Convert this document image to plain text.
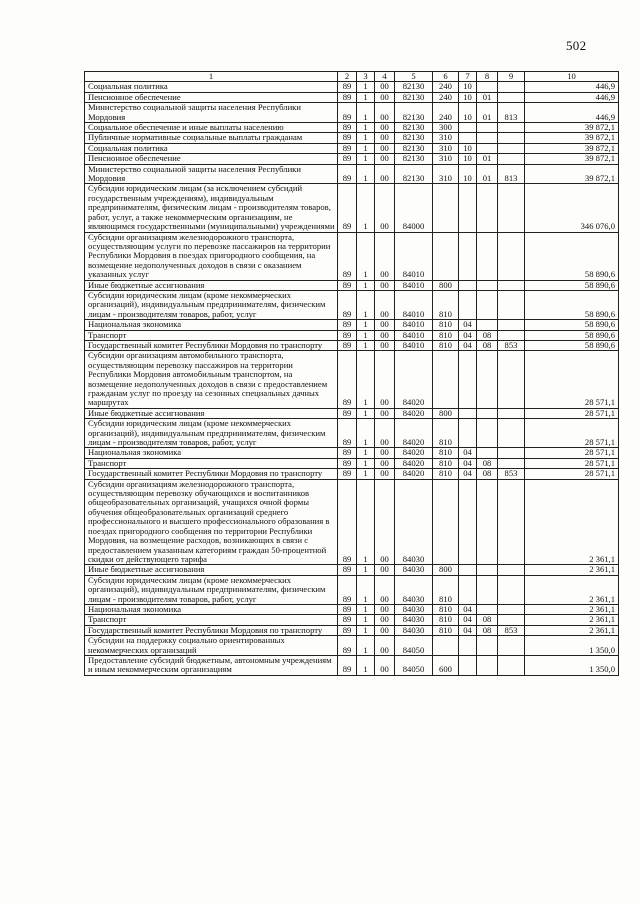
502
1	2	3	4	5	6	7	8	9	10
Социальная политика	89	1	00	82130	240	10			446,9
Пенсионное обеспечение	89	1	00	82130	240	10	01		446,9
Министерство социальной защиты населения Республики Мордовия	89	1	00	82130	240	10	01	813	446,9
Социальное обеспечение и иные выплаты населению	89	1	00	82130	300				39 872,1
Публичные нормативные социальные выплаты гражданам	89	1	00	82130	310				39 872,1
Социальная политика	89	1	00	82130	310	10			39 872,1
Пенсионное обеспечение	89	1	00	82130	310	10	01		39 872,1
Министерство социальной защиты населения Республики Мордовия	89	1	00	82130	310	10	01	813	39 872,1
Субсидии юридическим лицам (за исключением субсидий государственным учреждениям), индивидуальным предпринимателям, физическим лицам - производителям товаров, работ, услуг, а также некоммерческим организациям, не являющимся государственными (муниципальными) учреждениями	89	1	00	84000					346 076,0
Субсидии организациям железнодорожного транспорта, осуществляющим услуги по перевозке пассажиров на территории Республики Мордовия в поездах пригородного сообщения, на возмещение недополученных доходов в связи с оказанием указанных услуг	89	1	00	84010					58 890,6
Иные бюджетные ассигнования	89	1	00	84010	800				58 890,6
Субсидии юридическим лицам (кроме некоммерческих организаций), индивидуальным предпринимателям, физическим лицам - производителям товаров, работ, услуг	89	1	00	84010	810				58 890,6
Национальная экономика	89	1	00	84010	810	04			58 890,6
Транспорт	89	1	00	84010	810	04	08		58 890,6
Государственный комитет Республики Мордовия по транспорту	89	1	00	84010	810	04	08	853	58 890,6
Субсидии организациям автомобильного транспорта, осуществляющим перевозку пассажиров на территории Республики Мордовия автомобильным транспортом, на возмещение недополученных доходов в связи с предоставлением гражданам услуг по проезду на сезонных специальных дачных маршрутах	89	1	00	84020					28 571,1
Иные бюджетные ассигнования	89	1	00	84020	800				28 571,1
Субсидии юридическим лицам (кроме некоммерческих организаций), индивидуальным предпринимателям, физическим лицам - производителям товаров, работ, услуг	89	1	00	84020	810				28 571,1
Национальная экономика	89	1	00	84020	810	04			28 571,1
Транспорт	89	1	00	84020	810	04	08		28 571,1
Государственный комитет Республики Мордовия по транспорту	89	1	00	84020	810	04	08	853	28 571,1
Субсидии организациям железнодорожного транспорта, осуществляющим перевозку обучающихся и воспитанников общеобразовательных организаций, учащихся очной формы обучения общеобразовательных организаций среднего профессионального и высшего профессионального образования в поездах пригородного сообщения по территории Республики Мордовия, на возмещение расходов, возникающих в связи с предоставлением указанным категориям граждан 50-процентной скидки от действующего тарифа	89	1	00	84030					2 361,1
Иные бюджетные ассигнования	89	1	00	84030	800				2 361,1
Субсидии юридическим лицам (кроме некоммерческих организаций), индивидуальным предпринимателям, физическим лицам - производителям товаров, работ, услуг	89	1	00	84030	810				2 361,1
Национальная экономика	89	1	00	84030	810	04			2 361,1
Транспорт	89	1	00	84030	810	04	08		2 361,1
Государственный комитет Республики Мордовия по транспорту	89	1	00	84030	810	04	08	853	2 361,1
Субсидии на поддержку социально ориентированных некоммерческих организаций	89	1	00	84050					1 350,0
Предоставление субсидий бюджетным, автономным учреждениям и иным некоммерческим организациям	89	1	00	84050	600				1 350,0
